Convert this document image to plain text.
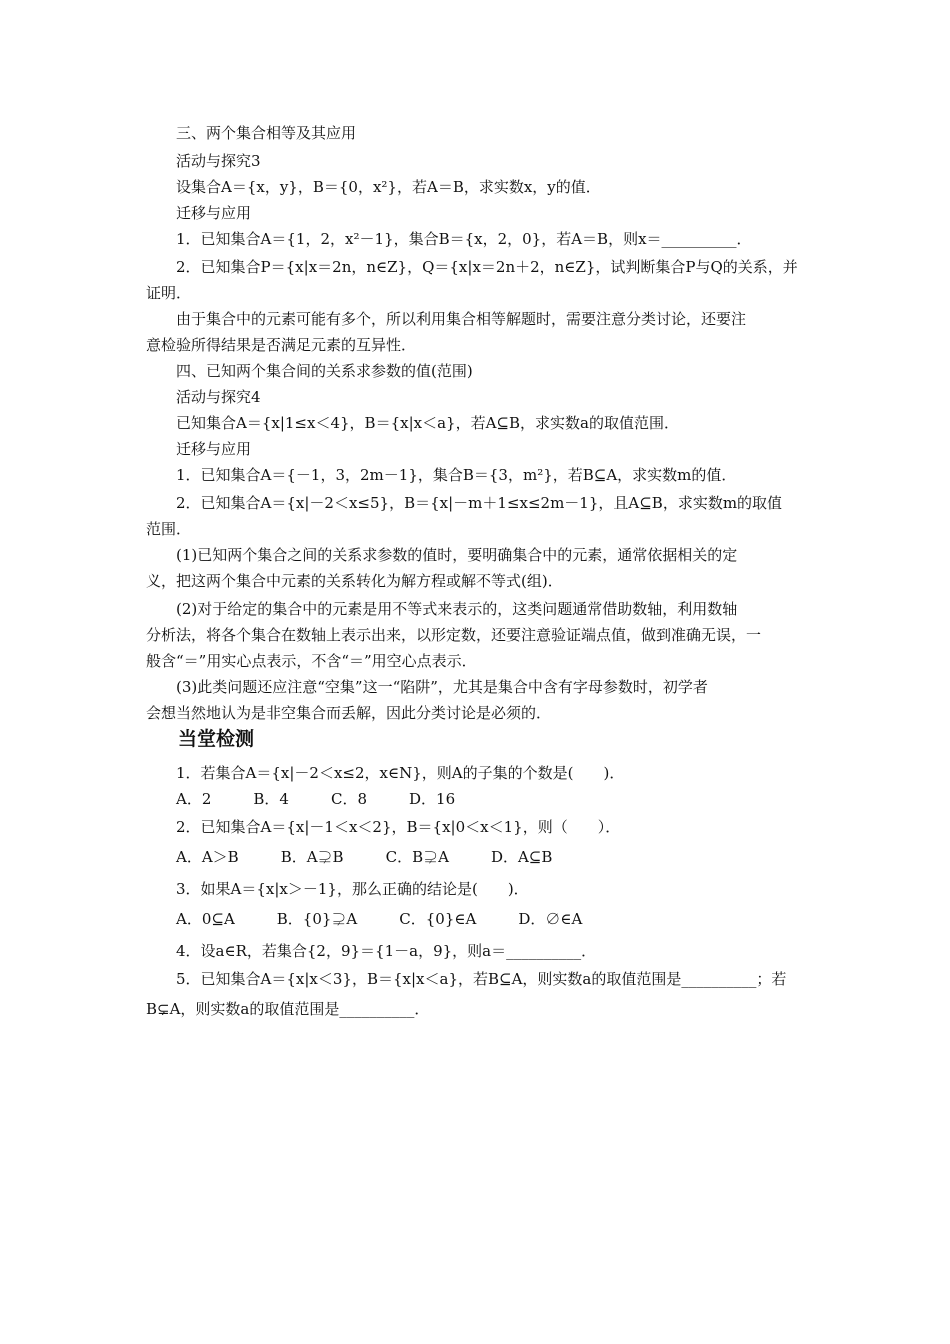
三、两个集合相等及其应用
活动与探究3
设集合A＝{x，y}，B＝{0，x²}，若A＝B，求实数x，y的值．
迁移与应用
1．已知集合A＝{1，2，x²－1}，集合B＝{x，2，0}，若A＝B，则x＝__________．
2．已知集合P＝{x|x＝2n，n∈Z}，Q＝{x|x＝2n＋2，n∈Z}，试判断集合P与Q的关系，并
证明．
由于集合中的元素可能有多个，所以利用集合相等解题时，需要注意分类讨论，还要注
意检验所得结果是否满足元素的互异性．
四、已知两个集合间的关系求参数的值(范围)
活动与探究4
已知集合A＝{x|1≤x＜4}，B＝{x|x＜a}，若A⊆B，求实数a的取值范围．
迁移与应用
1．已知集合A＝{－1，3，2m－1}，集合B＝{3，m²}，若B⊆A，求实数m的值．
2．已知集合A＝{x|－2＜x≤5}，B＝{x|－m＋1≤x≤2m－1}，且A⊆B，求实数m的取值
范围．
(1)已知两个集合之间的关系求参数的值时，要明确集合中的元素，通常依据相关的定
义，把这两个集合中元素的关系转化为解方程或解不等式(组)．
(2)对于给定的集合中的元素是用不等式来表示的，这类问题通常借助数轴，利用数轴
分析法，将各个集合在数轴上表示出来，以形定数，还要注意验证端点值，做到准确无误，一
般含“＝”用实心点表示，不含“＝”用空心点表示．
(3)此类问题还应注意“空集”这一“陷阱”，尤其是集合中含有字母参数时，初学者
会想当然地认为是非空集合而丢解，因此分类讨论是必须的．
当堂检测
1．若集合A＝{x|－2＜x≤2，x∈N}，则A的子集的个数是(　　)．
A．2	B．4	C．8	D．16
2．已知集合A＝{x|－1＜x＜2}，B＝{x|0＜x＜1}，则（　　）．
A．A＞B	B．A⊋B	C．B⊋A	D．A⊆B
3．如果A＝{x|x＞－1}，那么正确的结论是(　　)．
A．0⊆A	B．{0}⊋A	C．{0}∈A	D．∅∈A
4．设a∈R，若集合{2，9}＝{1－a，9}，则a＝__________．
5．已知集合A＝{x|x＜3}，B＝{x|x＜a}，若B⊆A，则实数a的取值范围是__________；若
B⊊A，则实数a的取值范围是__________．
